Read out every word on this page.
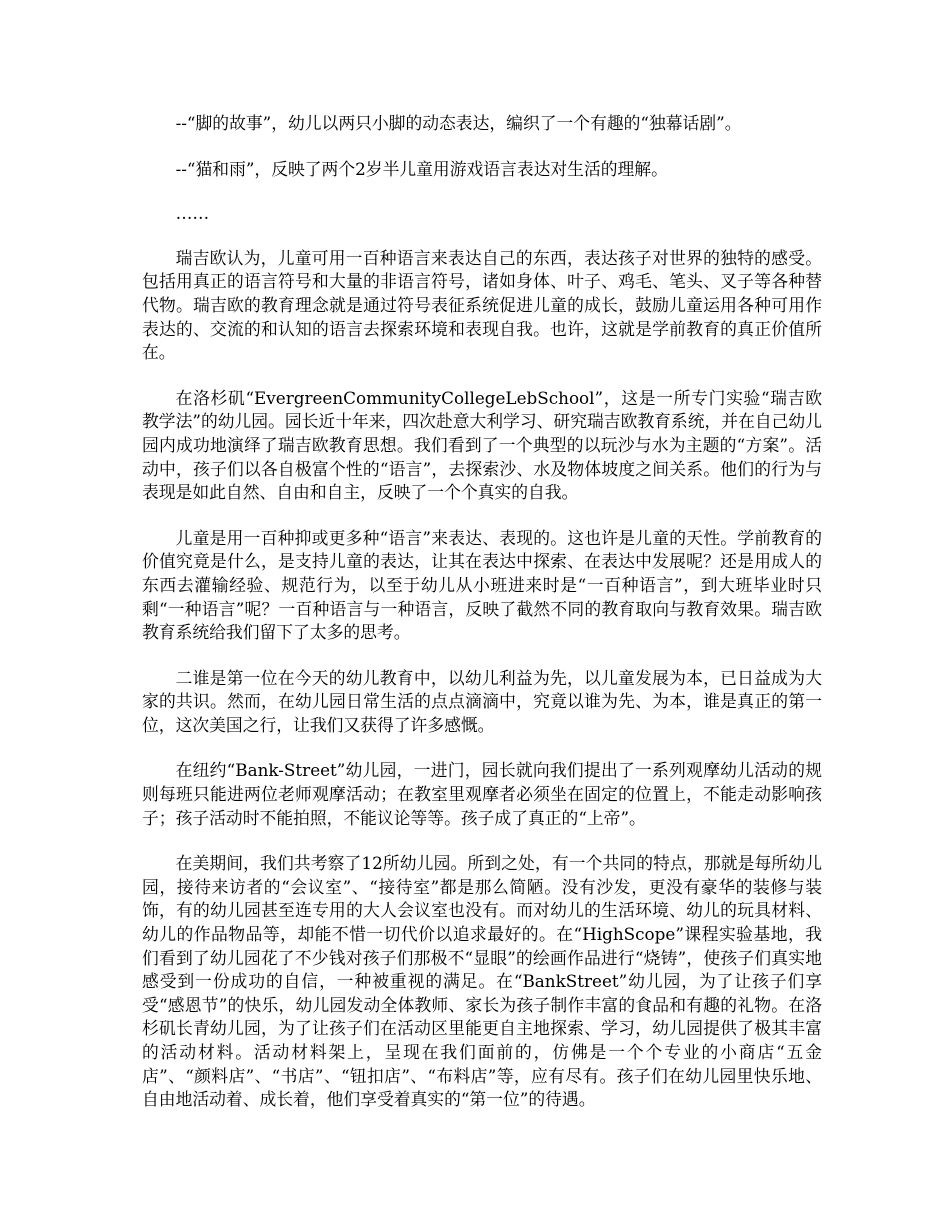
--“脚的故事”，幼儿以两只小脚的动态表达，编织了一个有趣的“独幕话剧”。

--“猫和雨”，反映了两个2岁半儿童用游戏语言表达对生活的理解。

……

瑞吉欧认为，儿童可用一百种语言来表达自己的东西，表达孩子对世界的独特的感受。包括用真正的语言符号和大量的非语言符号，诸如身体、叶子、鸡毛、笔头、叉子等各种替代物。瑞吉欧的教育理念就是通过符号表征系统促进儿童的成长，鼓励儿童运用各种可用作表达的、交流的和认知的语言去探索环境和表现自我。也许，这就是学前教育的真正价值所在。

在洛杉矶“EvergreenCommunityCollegeLebSchool”，这是一所专门实验“瑞吉欧教学法”的幼儿园。园长近十年来，四次赴意大利学习、研究瑞吉欧教育系统，并在自己幼儿园内成功地演绎了瑞吉欧教育思想。我们看到了一个典型的以玩沙与水为主题的“方案”。活动中，孩子们以各自极富个性的“语言”，去探索沙、水及物体坡度之间关系。他们的行为与表现是如此自然、自由和自主，反映了一个个真实的自我。

儿童是用一百种抑或更多种“语言”来表达、表现的。这也许是儿童的天性。学前教育的价值究竟是什么，是支持儿童的表达，让其在表达中探索、在表达中发展呢？还是用成人的东西去灌输经验、规范行为，以至于幼儿从小班进来时是“一百种语言”，到大班毕业时只剩“一种语言”呢？一百种语言与一种语言，反映了截然不同的教育取向与教育效果。瑞吉欧教育系统给我们留下了太多的思考。

二谁是第一位在今天的幼儿教育中，以幼儿利益为先，以儿童发展为本，已日益成为大家的共识。然而，在幼儿园日常生活的点点滴滴中，究竟以谁为先、为本，谁是真正的第一位，这次美国之行，让我们又获得了许多感慨。

在纽约“Bank-Street”幼儿园，一进门，园长就向我们提出了一系列观摩幼儿活动的规则每班只能进两位老师观摩活动；在教室里观摩者必须坐在固定的位置上，不能走动影响孩子；孩子活动时不能拍照，不能议论等等。孩子成了真正的“上帝”。

在美期间，我们共考察了12所幼儿园。所到之处，有一个共同的特点，那就是每所幼儿园，接待来访者的“会议室”、“接待室”都是那么简陋。没有沙发，更没有豪华的装修与装饰，有的幼儿园甚至连专用的大人会议室也没有。而对幼儿的生活环境、幼儿的玩具材料、幼儿的作品物品等，却能不惜一切代价以追求最好的。在“HighScope”课程实验基地，我们看到了幼儿园花了不少钱对孩子们那极不“显眼”的绘画作品进行“烧铸”，使孩子们真实地感受到一份成功的自信，一种被重视的满足。在“BankStreet”幼儿园，为了让孩子们享受“感恩节”的快乐，幼儿园发动全体教师、家长为孩子制作丰富的食品和有趣的礼物。在洛杉矶长青幼儿园，为了让孩子们在活动区里能更自主地探索、学习，幼儿园提供了极其丰富的活动材料。活动材料架上，呈现在我们面前的，仿佛是一个个专业的小商店“五金店”、“颜料店”、“书店”、“钮扣店”、“布料店”等，应有尽有。孩子们在幼儿园里快乐地、自由地活动着、成长着，他们享受着真实的“第一位”的待遇。
